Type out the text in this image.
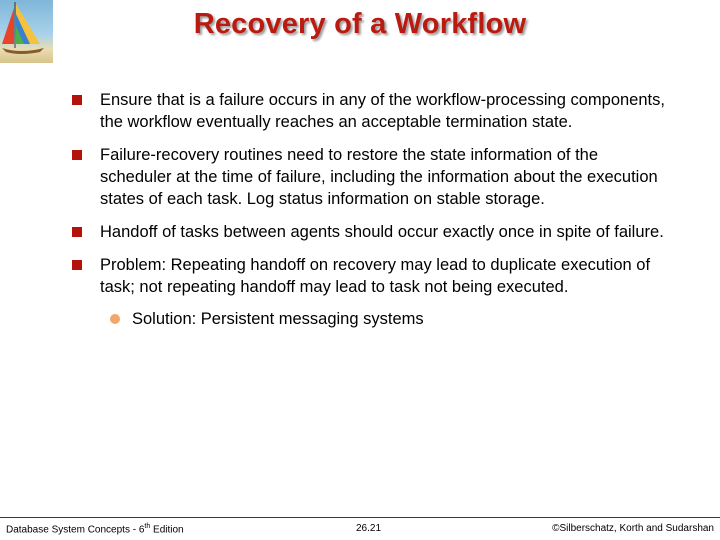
Recovery of a Workflow
Ensure that is a failure occurs in any of the workflow-processing components, the workflow eventually reaches an acceptable termination state.
Failure-recovery routines need to restore the state information of the scheduler at the time of failure, including the information about the execution states of each task. Log status information on stable storage.
Handoff of tasks between agents should occur exactly once in spite of failure.
Problem: Repeating handoff on recovery may lead to duplicate execution of task; not repeating handoff may lead to task not being executed.
Solution: Persistent messaging systems
Database System Concepts - 6th Edition	26.21	©Silberschatz, Korth and Sudarshan
